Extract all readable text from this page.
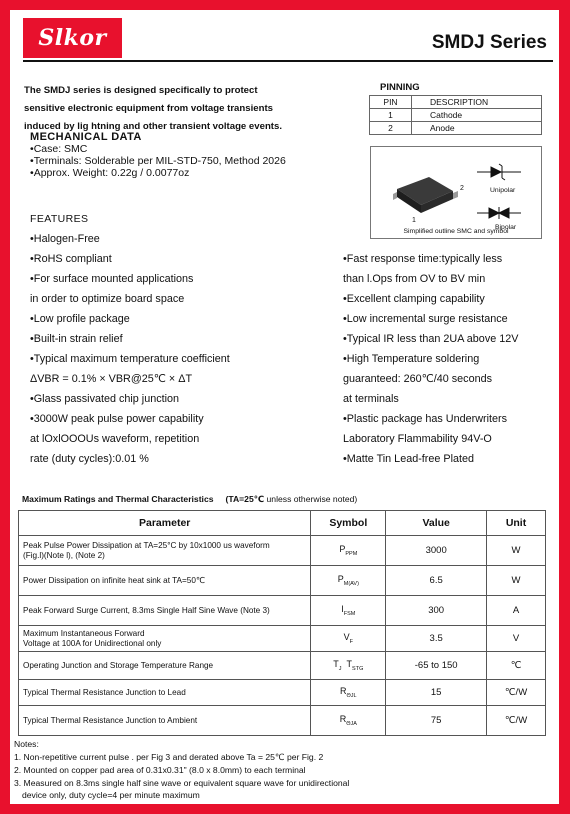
Slkor	SMDJ Series
The SMDJ series is designed specifically to protect
sensitive electronic equipment from voltage transients
induced by lig htning and other transient voltage events.
MECHANICAL DATA
• Case: SMC
• Terminals: Solderable per MIL-STD-750, Method 2026
• Approx. Weight: 0.22g / 0.0077oz
PINNING
PIN	DESCRIPTION
1	Cathode
2	Anode
2
1
Unipolar
Bipolar
Simplified outline SMC and symbol
FEATURES
• Halogen-Free
• RoHS compliant
• For surface mounted applications
in order to optimize board space
• Low profile package
• Built-in strain relief
• Typical maximum temperature coefficient
ΔVBR = 0.1% × VBR@25℃ × ΔT
• Glass passivated chip junction
• 3000W peak pulse power capability
at lOxlOOOUs waveform, repetition
rate (duty cycles):0.01 %
• Fast response time:typically less
than l.Ops from OV to BV min
• Excellent clamping capability
• Low incremental surge resistance
• Typical IR less than 2UA above 12V
• High Temperature soldering
guaranteed: 260℃/40 seconds
at terminals
• Plastic package has Underwriters
Laboratory Flammability 94V-O
• Matte Tin Lead-free Plated
Maximum Ratings and Thermal Characteristics (TA=25℃ unless otherwise noted)
Parameter	Symbol	Value	Unit

Peak Pulse Power Dissipation at TA=25°C by 10x1000 us waveform
(Fig.l)(Note l), (Note 2)	$P_{PPM}$	3000	W

Power Dissipation on infinite heat sink at TA=50℃	$P_{M(AV)}$	6.5	W

Peak Forward Surge Current, 8.3ms Single Half Sine Wave (Note 3)	$I_{FSM}$	300	A

Maximum Instantaneous Forward
Voltage at 100A for Unidirectional only	$V_F$	3.5	V

Operating Junction and Storage Temperature Range	$T_J$ $T_{STG}$	-65 to 150	℃

Typical Thermal Resistance Junction to Lead	$R_{\Theta JL}$	15	℃/W

Typical Thermal Resistance Junction to Ambient	$R_{\Theta JA}$	75	℃/W
Notes:
1. Non-repetitive current pulse . per Fig 3 and derated above Ta = 25℃ per Fig. 2
2. Mounted on copper pad area of 0.31x0.31" (8.0 x 8.0mm) to each terminal
3. Measured on 8.3ms single half sine wave or equivalent square wave for unidirectional
device only, duty cycle=4 per minute maximum
